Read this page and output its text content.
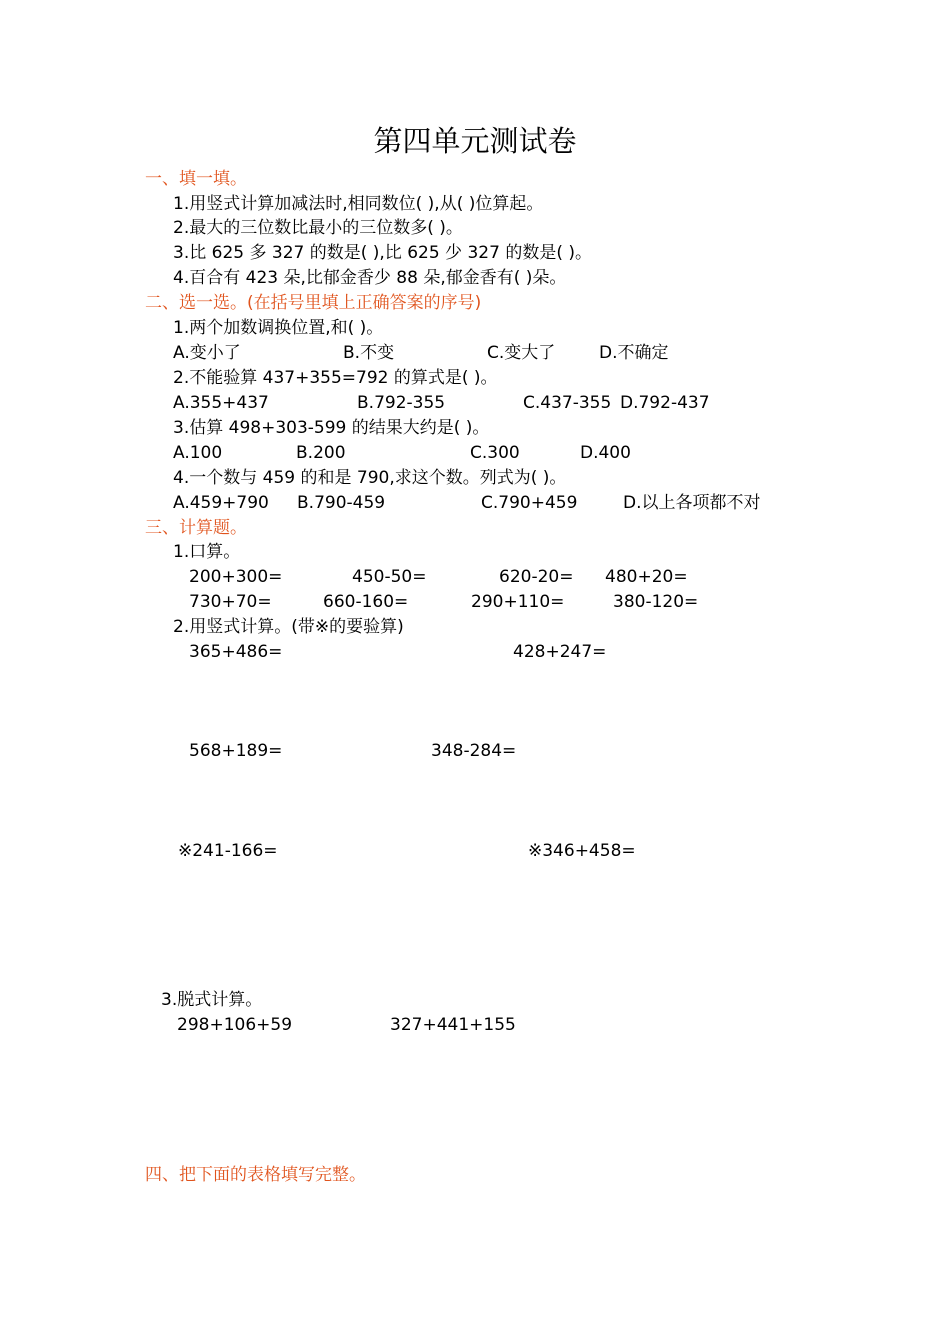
第四单元测试卷
一、填一填。
1.用竖式计算加减法时,相同数位( ),从( )位算起。
2.最大的三位数比最小的三位数多( )。
3.比 625 多 327 的数是( ),比 625 少 327 的数是( )。
4.百合有 423 朵,比郁金香少 88 朵,郁金香有( )朵。
二、选一选。(在括号里填上正确答案的序号)
1.两个加数调换位置,和( )。
A.变小了	B.不变	C.变大了	D.不确定
2.不能验算 437+355=792 的算式是( )。
A.355+437	B.792-355	C.437-355 D.792-437
3.估算 498+303-599 的结果大约是( )。
A.100	B.200	C.300	D.400
4.一个数与 459 的和是 790,求这个数。列式为( )。
A.459+790 B.790-459	C.790+459	D.以上各项都不对
三、计算题。
1.口算。
200+300=	450-50=	620-20= 480+20=
730+70=	660-160=	290+110=	380-120=
2.用竖式计算。(带※的要验算)
365+486=	428+247=
568+189=	348-284=
※241-166=	※346+458=
3.脱式计算。
298+106+59	327+441+155
四、把下面的表格填写完整。
